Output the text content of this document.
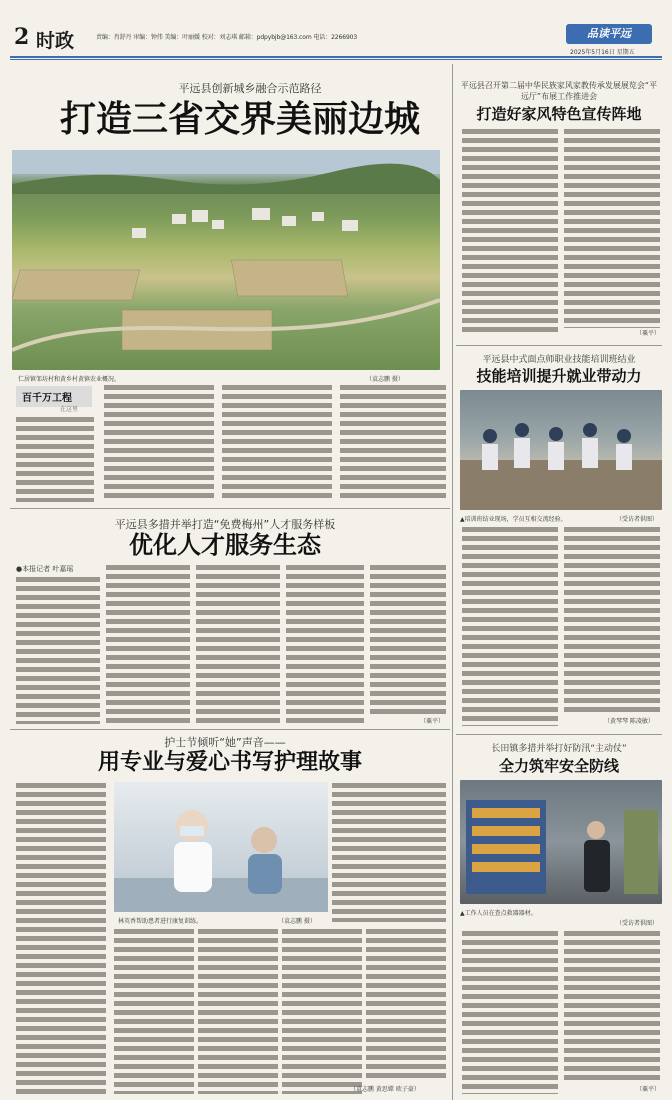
2 时政	责编：肖舒丹 审编：钟伟 美编：叶丽媛 校对：刘志琪 邮箱：pdpybjb@163.com 电话：2266903	品读平远
2025年5月16日 星期五
平远县创新城乡融合示范路径
打造三省交界美丽边城
仁居镇邹坊村和黄乡村黄镇农业概况。	（袁志鹏 摄）
百千万工程
在这里
平远县召开第二届中华民族家风家教传承发展展览会“平远厅”布展工作推进会
打造好家风特色宣传阵地
（粟平）
平远县中式面点师职业技能培训班结业
技能培训提升就业带动力
▲培训班结业现场，学员互相交流经验。	（受访者供图）
（黄琴琴 陈凌敏）
平远县多措并举打造“免费梅州”人才服务样板
优化人才服务生态
●本报记者 叶嘉瑶
（粟平）
护士节倾听“她”声音——
用专业与爱心书写护理故事
林英香帮助患者进行康复训练。	（袁志鹏 摄）
（袁志鹏 黄思嫦 欧子豪）
长田镇多措并举打好防汛“主动仗”
全力筑牢安全防线
▲工作人员在查点救器器材。
（受访者供图）
（粟平）
